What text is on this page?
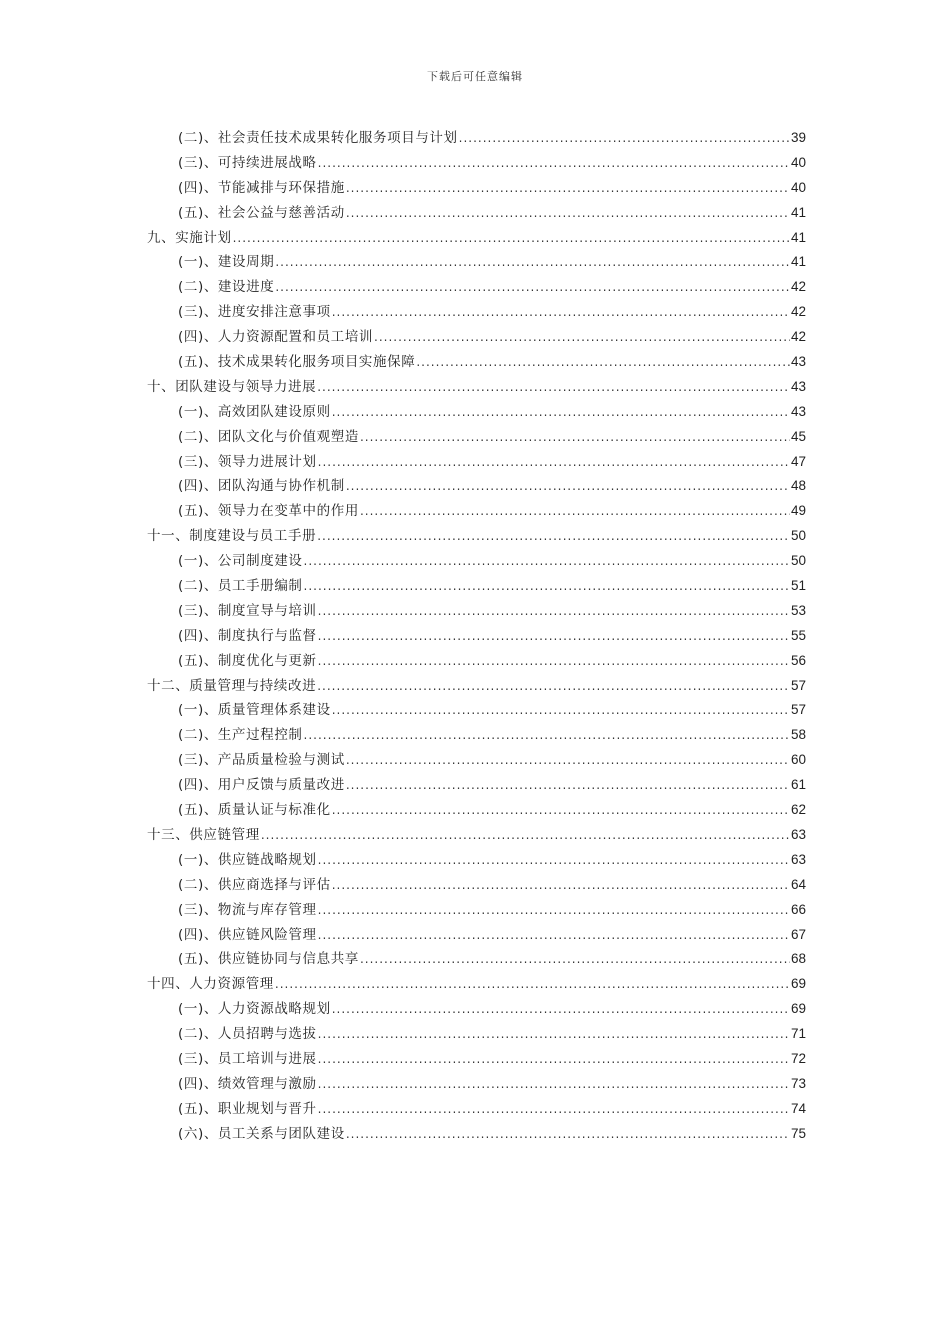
下载后可任意编辑
(二)、社会责任技术成果转化服务项目与计划 .....	39
(三)、可持续进展战略 .....	40
(四)、节能减排与环保措施 .....	40
(五)、社会公益与慈善活动 .....	41
九、实施计划 .....	41
(一)、建设周期 .....	41
(二)、建设进度 .....	42
(三)、进度安排注意事项 .....	42
(四)、人力资源配置和员工培训 .....	42
(五)、技术成果转化服务项目实施保障 .....	43
十、团队建设与领导力进展 .....	43
(一)、高效团队建设原则 .....	43
(二)、团队文化与价值观塑造 .....	45
(三)、领导力进展计划 .....	47
(四)、团队沟通与协作机制 .....	48
(五)、领导力在变革中的作用 .....	49
十一、制度建设与员工手册 .....	50
(一)、公司制度建设 .....	50
(二)、员工手册编制 .....	51
(三)、制度宣导与培训 .....	53
(四)、制度执行与监督 .....	55
(五)、制度优化与更新 .....	56
十二、质量管理与持续改进 .....	57
(一)、质量管理体系建设 .....	57
(二)、生产过程控制 .....	58
(三)、产品质量检验与测试 .....	60
(四)、用户反馈与质量改进 .....	61
(五)、质量认证与标准化 .....	62
十三、供应链管理 .....	63
(一)、供应链战略规划 .....	63
(二)、供应商选择与评估 .....	64
(三)、物流与库存管理 .....	66
(四)、供应链风险管理 .....	67
(五)、供应链协同与信息共享 .....	68
十四、人力资源管理 .....	69
(一)、人力资源战略规划 .....	69
(二)、人员招聘与选拔 .....	71
(三)、员工培训与进展 .....	72
(四)、绩效管理与激励 .....	73
(五)、职业规划与晋升 .....	74
(六)、员工关系与团队建设 .....	75
